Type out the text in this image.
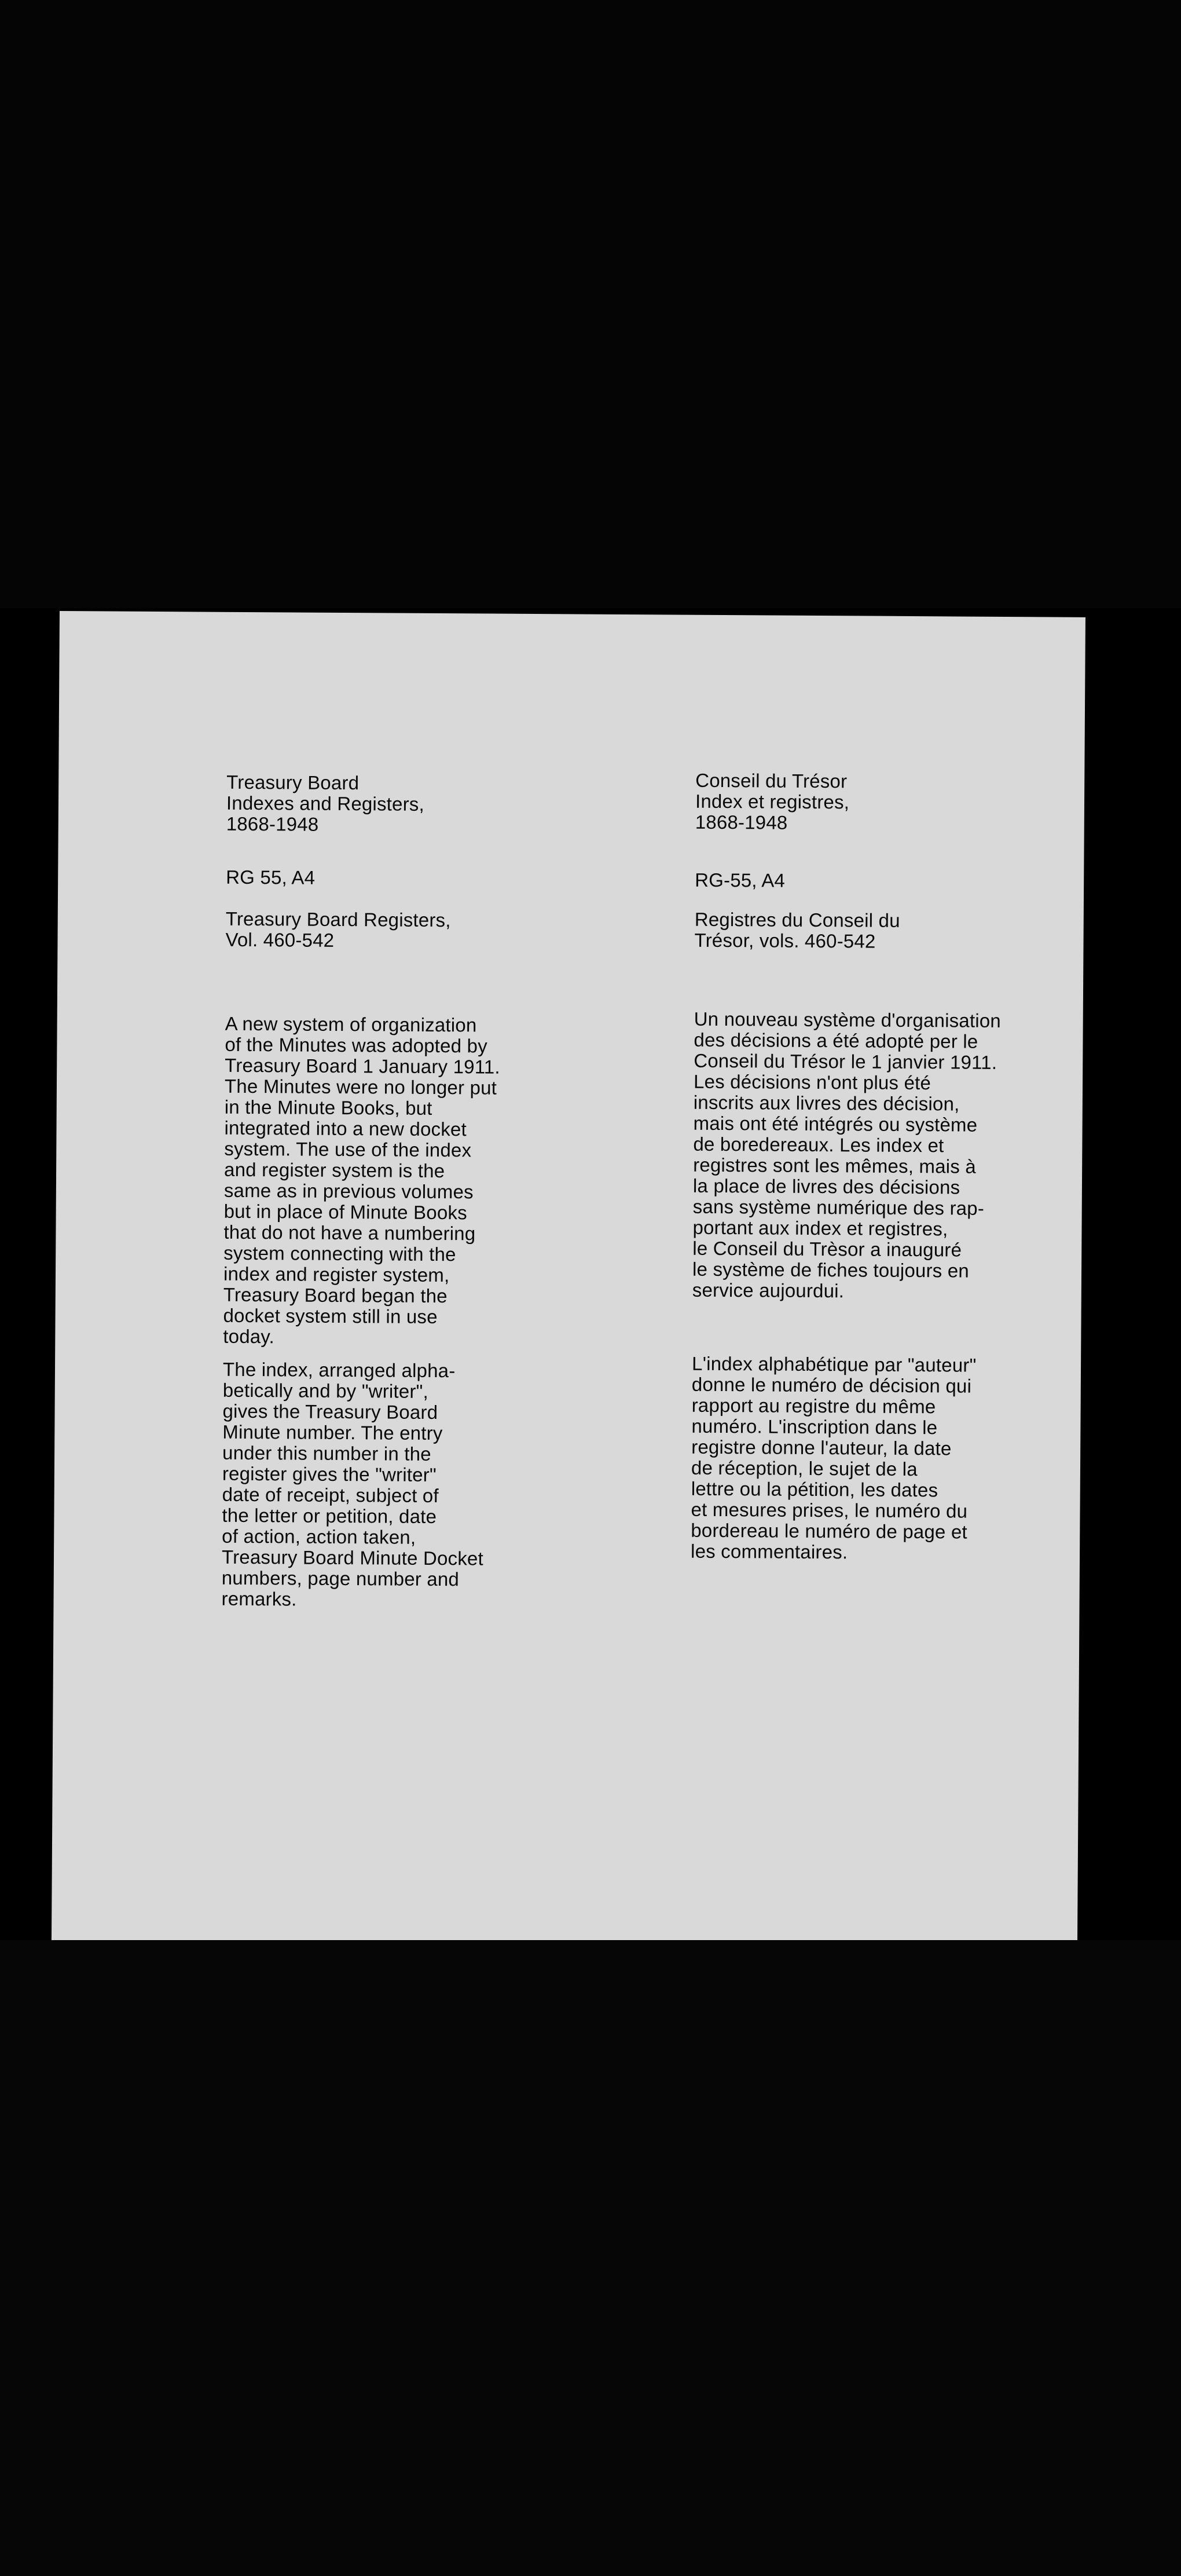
Treasury Board
Indexes and Registers,
1868-1948
RG 55, A4
Treasury Board Registers,
Vol. 460-542
A new system of organization
of the Minutes was adopted by
Treasury Board 1 January 1911.
The Minutes were no longer put
in the Minute Books, but
integrated into a new docket
system. The use of the index
and register system is the
same as in previous volumes
but in place of Minute Books
that do not have a numbering
system connecting with the
index and register system,
Treasury Board began the
docket system still in use
today.
The index, arranged alpha-
betically and by "writer",
gives the Treasury Board
Minute number. The entry
under this number in the
register gives the "writer"
date of receipt, subject of
the letter or petition, date
of action, action taken,
Treasury Board Minute Docket
numbers, page number and
remarks.
Conseil du Trésor
Index et registres,
1868-1948
RG-55, A4
Registres du Conseil du
Trésor, vols. 460-542
Un nouveau système d'organisation
des décisions a été adopté per le
Conseil du Trésor le 1 janvier 1911.
Les décisions n'ont plus été
inscrits aux livres des décision,
mais ont été intégrés ou système
de boredereaux. Les index et
registres sont les mêmes, mais à
la place de livres des décisions
sans système numérique des rap-
portant aux index et registres,
le Conseil du Trèsor a inauguré
le système de fiches toujours en
service aujourdui.
L'index alphabétique par "auteur"
donne le numéro de décision qui
rapport au registre du même
numéro. L'inscription dans le
registre donne l'auteur, la date
de réception, le sujet de la
lettre ou la pétition, les dates
et mesures prises, le numéro du
bordereau le numéro de page et
les commentaires.
